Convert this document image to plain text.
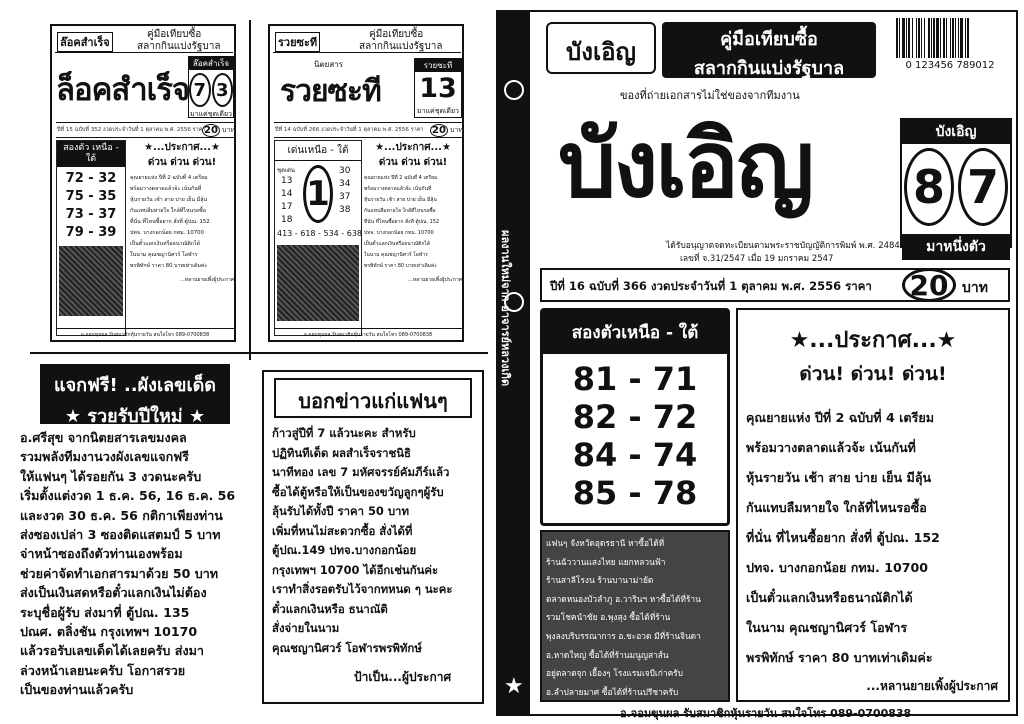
ล๊อคสำเร็จ
คู่มือเทียบซื้อ
สลากกินแบ่งรัฐบาล
ล็อคสำเร็จ
ล๊อคสำเร็จ
7 3
มาแค่ชุดเดียว
ปีที่ 15 ฉบับที่ 352 งวดประจำวันที่ 1 ตุลาคม พ.ศ. 2556 ราคา
20 บาท
สองตัว เหนือ - ใต้
72 - 32
75 - 35
73 - 37
79 - 39
★...ประกาศ...★
ด่วน ด่วน ด่วน!
คุณยายแห่ง ปีที่ 2 ฉบับที่ 4 เตรียม
พร้อมวางตลาดแล้วจ้ะ เน้นกันที่
หุ้นรายวัน เช้า สาย บ่าย เย็น มีลุ้น
กันแทบลืมหายใจ ใกล้ที่ไหนรอซื้อ
ที่นั่น ที่ไหนซื้อยาก สั่งที่ ตู้ปณ. 152
ปทจ. บางกอกน้อย กทม. 10700
เป็นตั๋วแลกเงินหรือธนาณัติกได้
ในนาม คุณชญานิศวร์ โอฬาร
พรพิทักษ์ ราคา 80 บาทเท่าเดิมค่ะ
...หลานยายเพิ้งผู้ประกาศ
อ.จอมขุนผล รับสมาชิกหุ้นรายวัน สนใจโทร 089-0700838
รวยซะที
คู่มือเทียบซื้อ
สลากกินแบ่งรัฐบาล
นิตยสาร
รวยซะที
รวยซะที
13
มาแค่ชุดเดียว
ปีที่ 14 ฉบับที่ 266 งวดประจำวันที่ 1 ตุลาคม พ.ศ. 2556 ราคา 20 บาท
เด่นเหนือ - ใต้
ชุดเด่น
13
14
17
18
1
30
34
37
38
413 - 618 - 534 - 638
★...ประกาศ...★
ด่วน ด่วน ด่วน!
คุณยายแห่ง ปีที่ 2 ฉบับที่ 4 เตรียม
พร้อมวางตลาดแล้วจ้ะ เน้นกันที่
หุ้นรายวัน เช้า สาย บ่าย เย็น มีลุ้น
กันแทบลืมหายใจ ใกล้ที่ไหนรอซื้อ
ที่นั่น ที่ไหนซื้อยาก สั่งที่ ตู้ปณ. 152
ปทจ. บางกอกน้อย กทม. 10700
เป็นตั๋วแลกเงินหรือธนาณัติกได้
ในนาม คุณชญานิศวร์ โอฬาร
พรพิทักษ์ ราคา 80 บาทเท่าเดิมค่ะ
...หลานยายเพิ้งผู้ประกาศ
อ.จอมขุนผล รับสมาชิกหุ้นรายวัน สนใจโทร 089-0700838
แจกฟรี! ..ผังเลขเด็ด
★ รวยรับปีใหม่ ★
อ.ศรีสุข จากนิตยสารเลขมงคล
รวมพลังทีมงานวงผังเลขแจกฟรี
ให้แฟนๆ ได้รอยกัน 3 งวดนะครับ
เริ่มตั้งแต่งวด 1 ธ.ค. 56, 16 ธ.ค. 56
และงวด 30 ธ.ค. 56 กติกาเพียงท่าน
ส่งซองเปล่า 3 ซองติดแสตมป์ 5 บาท
จ่าหน้าซองถึงตัวท่านเองพร้อม
ช่วยค่าจัดทำเอกสารมาด้วย 50 บาท
ส่งเป็นเงินสดหรือตั๋วแลกเงินไม่ต้อง
ระบุชื่อผู้รับ ส่งมาที่ ตู้ปณ. 135
ปณศ. ตลิ่งชัน กรุงเทพฯ 10170
แล้วรอรับเลขเด็ดได้เลยครับ ส่งมา
ล่วงหน้าเลยนะครับ โอกาสรวย
เป็นของท่านแล้วครับ
บอกข่าวแก่แฟนๆ
ก้าวสู่ปีที่ 7 แล้วนะคะ สำหรับ
ปฏิทินทีเด็ด ผลสำเร็จราชนิธิ
นาทีทอง เลข 7 มหัศจรรย์คัมภีร์แล้ว
ซื้อได้ตู้หรือให้เป็นของขวัญลูกๆผู้รับ
ลุ้นรับได้ทั้งปี ราคา 50 บาท
เพิ่มที่หนไม่สะดวกซื้อ สั่งได้ที่
ตู้ปณ.149 ปทจ.บางกอกน้อย
กรุงเทพฯ 10700 ได้อีกเช่นกันค่ะ
เราทำสิ่งรอตรับไว้จากทหนด ๆ นะคะ
ตั๋วแลกเงินหรือ ธนาณัติ
สั่งจ่ายในนาม
คุณชญานิศวร์ โอฬารพรพิทักษ์
ป้าเป็น...ผู้ประกาศ
ผลงานใหม่จาก อาจารย์หลวงเกิด
★
บังเอิญ	คู่มือเทียบซื้อ
สลากกินแบ่งรัฐบาล	0 123456 789012
ของที่ถ่ายเอกสารไม่ใช่ของจากทีมงาน
บังเอิญ	บังเอิญ
8 7
มาหนึ่งตัว
ได้รับอนุญาตจดทะเบียนตามพระราชบัญญัติการพิมพ์ พ.ศ. 2484
เลขที่ จ.31/2547 เมื่อ 19 มกราคม 2547
ปีที่ 16 ฉบับที่ 366 งวดประจำวันที่ 1 ตุลาคม พ.ศ. 2556 ราคา 20 บาท
สองตัวเหนือ - ใต้
81 - 71
82 - 72
84 - 74
85 - 78
แฟนๆ จังหวัดอุดรธานี หาซื้อได้ที่
ร้านฉัววานแสงไทย แยกหลวนฟ้า
ร้านสาลีโรงน ร้านบานาม่ายัด
ตลาดหนองบัวลำภู อ.วารินฯ หาซื้อได้ที่ร้าน
รวมโชคนำชัย อ.พุงสุง ซื้อได้ที่ร้าน
พุงลงบริบรรณาการ อ.ชะอวด มีที่ร้านจินดา
อ.หาดใหญ่ ซื้อได้ที่ร้านมนูญสาส์น
อยู่ตลาดจุก เยื้องๆ โรงแรมเจบีเก่าครับ
อ.ลำปลายมาศ ซื้อได้ที่ร้านปรีชาครับ
★...ประกาศ...★
ด่วน! ด่วน! ด่วน!
คุณยายแห่ง ปีที่ 2 ฉบับที่ 4 เตรียม
พร้อมวางตลาดแล้วจ้ะ เน้นกันที่
หุ้นรายวัน เช้า สาย บ่าย เย็น มีลุ้น
กันแทบลืมหายใจ ใกล้ที่ไหนรอซื้อ
ที่นั่น ที่ไหนซื้อยาก สั่งที่ ตู้ปณ. 152
ปทจ. บางกอกน้อย กทม. 10700
เป็นตั๋วแลกเงินหรือธนาณัติกได้
ในนาม คุณชญานิศวร์ โอฬาร
พรพิทักษ์ ราคา 80 บาทเท่าเดิมค่ะ
...หลานยายเพิ้งผู้ประกาศ
อ.จอมขุนผล รับสมาชิกหุ้นรายวัน สนใจโทร 089-0700838
